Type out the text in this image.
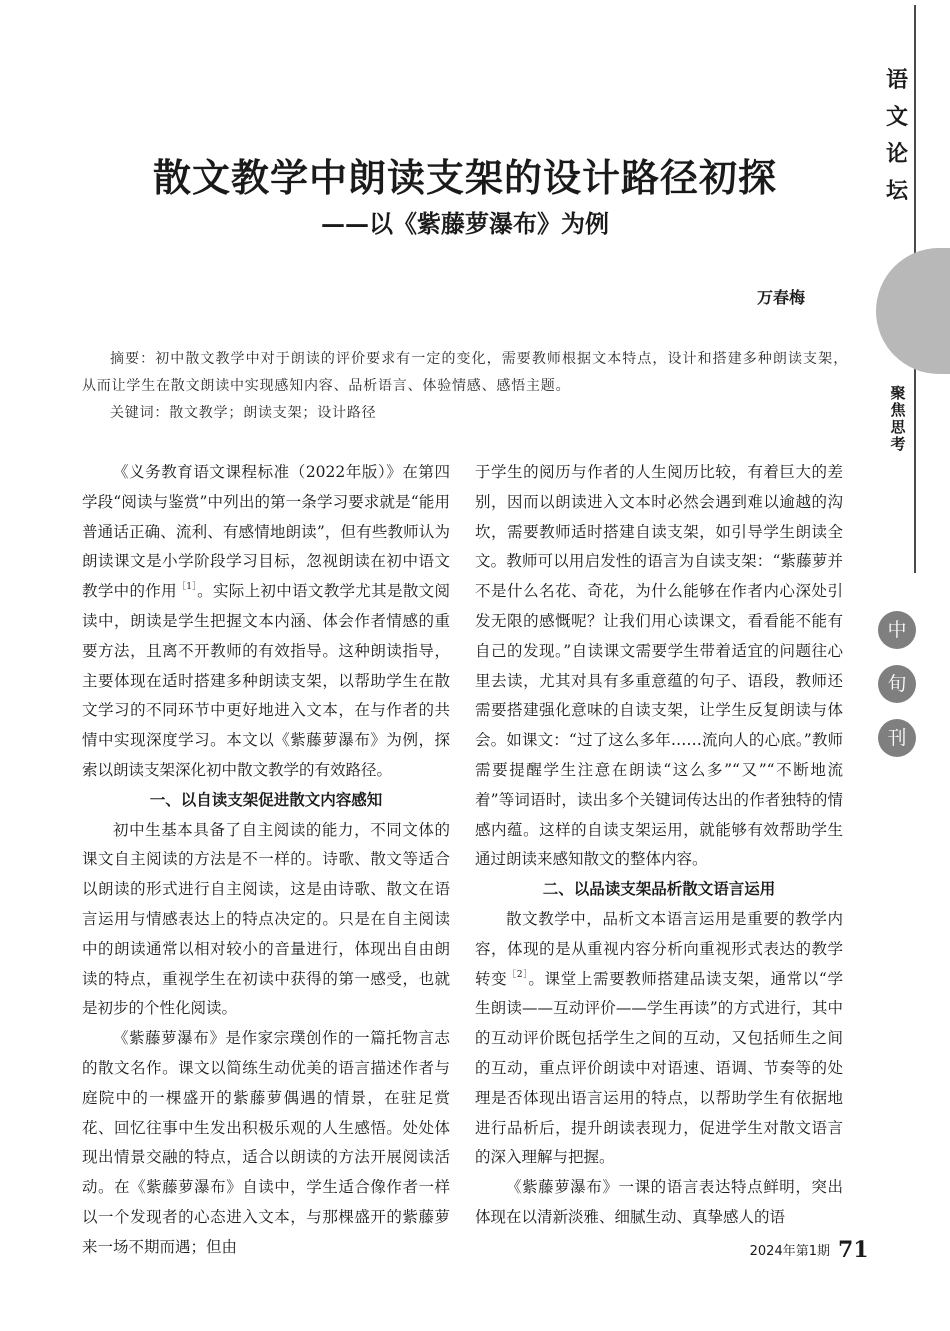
语
文
论
坛
聚
焦
思
考
中
旬
刊
散文教学中朗读支架的设计路径初探
——以《紫藤萝瀑布》为例
万春梅
摘要：初中散文教学中对于朗读的评价要求有一定的变化，需要教师根据文本特点，设计和搭建多种朗读支架，从而让学生在散文朗读中实现感知内容、品析语言、体验情感、感悟主题。
关键词：散文教学；朗读支架；设计路径

《义务教育语文课程标准（2022年版）》在第四学段“阅读与鉴赏”中列出的第一条学习要求就是“能用普通话正确、流利、有感情地朗读”，但有些教师认为朗读课文是小学阶段学习目标，忽视朗读在初中语文教学中的作用$^{[1]}$。实际上初中语文教学尤其是散文阅读中，朗读是学生把握文本内涵、体会作者情感的重要方法，且离不开教师的有效指导。这种朗读指导，主要体现在适时搭建多种朗读支架，以帮助学生在散文学习的不同环节中更好地进入文本，在与作者的共情中实现深度学习。本文以《紫藤萝瀑布》为例，探索以朗读支架深化初中散文教学的有效路径。

一、以自读支架促进散文内容感知

初中生基本具备了自主阅读的能力，不同文体的课文自主阅读的方法是不一样的。诗歌、散文等适合以朗读的形式进行自主阅读，这是由诗歌、散文在语言运用与情感表达上的特点决定的。只是在自主阅读中的朗读通常以相对较小的音量进行，体现出自由朗读的特点，重视学生在初读中获得的第一感受，也就是初步的个性化阅读。

《紫藤萝瀑布》是作家宗璞创作的一篇托物言志的散文名作。课文以简练生动优美的语言描述作者与庭院中的一棵盛开的紫藤萝偶遇的情景，在驻足赏花、回忆往事中生发出积极乐观的人生感悟。处处体现出情景交融的特点，适合以朗读的方法开展阅读活动。在《紫藤萝瀑布》自读中，学生适合像作者一样以一个发现者的心态进入文本，与那棵盛开的紫藤萝来一场不期而遇；但由

于学生的阅历与作者的人生阅历比较，有着巨大的差别，因而以朗读进入文本时必然会遇到难以逾越的沟坎，需要教师适时搭建自读支架，如引导学生朗读全文。教师可以用启发性的语言为自读支架：“紫藤萝并不是什么名花、奇花，为什么能够在作者内心深处引发无限的感慨呢？让我们用心读课文，看看能不能有自己的发现。”自读课文需要学生带着适宜的问题往心里去读，尤其对具有多重意蕴的句子、语段，教师还需要搭建强化意味的自读支架，让学生反复朗读与体会。如课文：“过了这么多年……流向人的心底。”教师需要提醒学生注意在朗读“这么多”“又”“不断地流着”等词语时，读出多个关键词传达出的作者独特的情感内蕴。这样的自读支架运用，就能够有效帮助学生通过朗读来感知散文的整体内容。

二、以品读支架品析散文语言运用

散文教学中，品析文本语言运用是重要的教学内容，体现的是从重视内容分析向重视形式表达的教学转变$^{[2]}$。课堂上需要教师搭建品读支架，通常以“学生朗读——互动评价——学生再读”的方式进行，其中的互动评价既包括学生之间的互动，又包括师生之间的互动，重点评价朗读中对语速、语调、节奏等的处理是否体现出语言运用的特点，以帮助学生有依据地进行品析后，提升朗读表现力，促进学生对散文语言的深入理解与把握。

《紫藤萝瀑布》一课的语言表达特点鲜明，突出体现在以清新淡雅、细腻生动、真挚感人的语

2024年第1期 71
